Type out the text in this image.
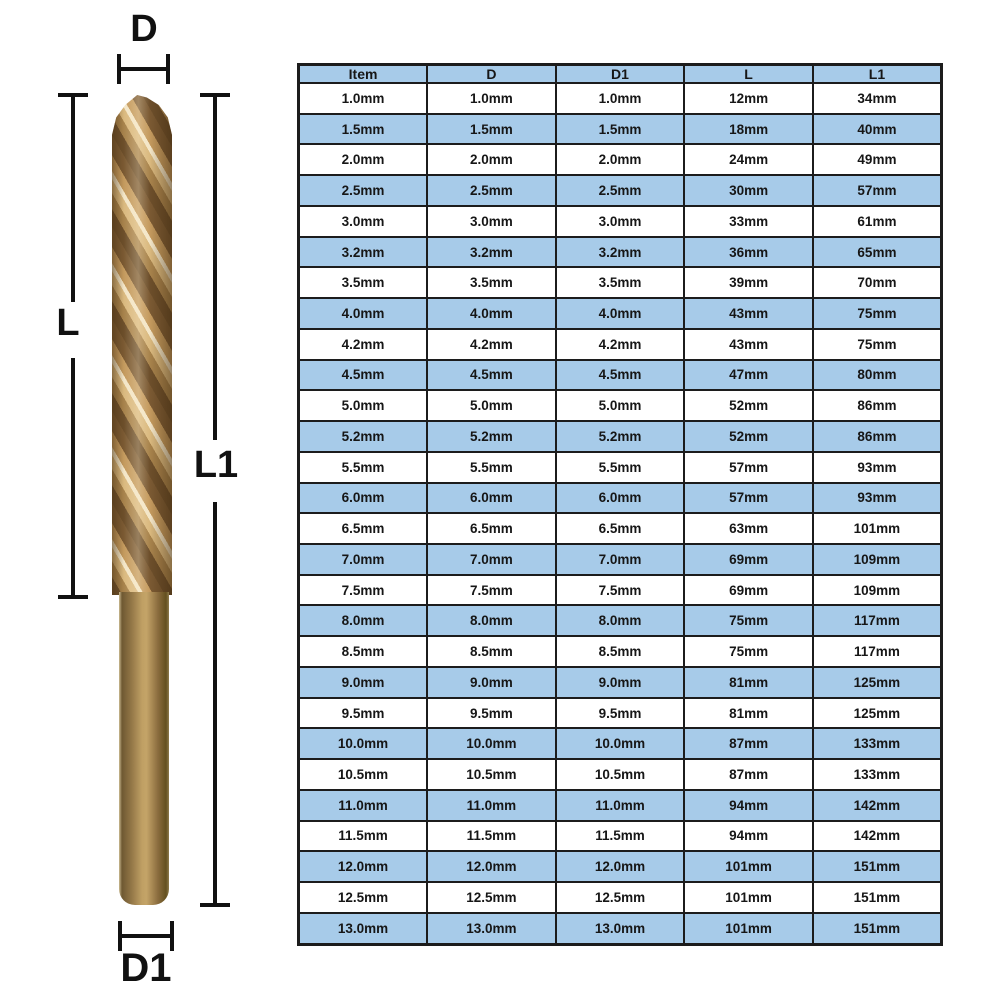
D
L
L1
D1
Item	D	D1	L	L1
1.0mm	1.0mm	1.0mm	12mm	34mm
1.5mm	1.5mm	1.5mm	18mm	40mm
2.0mm	2.0mm	2.0mm	24mm	49mm
2.5mm	2.5mm	2.5mm	30mm	57mm
3.0mm	3.0mm	3.0mm	33mm	61mm
3.2mm	3.2mm	3.2mm	36mm	65mm
3.5mm	3.5mm	3.5mm	39mm	70mm
4.0mm	4.0mm	4.0mm	43mm	75mm
4.2mm	4.2mm	4.2mm	43mm	75mm
4.5mm	4.5mm	4.5mm	47mm	80mm
5.0mm	5.0mm	5.0mm	52mm	86mm
5.2mm	5.2mm	5.2mm	52mm	86mm
5.5mm	5.5mm	5.5mm	57mm	93mm
6.0mm	6.0mm	6.0mm	57mm	93mm
6.5mm	6.5mm	6.5mm	63mm	101mm
7.0mm	7.0mm	7.0mm	69mm	109mm
7.5mm	7.5mm	7.5mm	69mm	109mm
8.0mm	8.0mm	8.0mm	75mm	117mm
8.5mm	8.5mm	8.5mm	75mm	117mm
9.0mm	9.0mm	9.0mm	81mm	125mm
9.5mm	9.5mm	9.5mm	81mm	125mm
10.0mm	10.0mm	10.0mm	87mm	133mm
10.5mm	10.5mm	10.5mm	87mm	133mm
11.0mm	11.0mm	11.0mm	94mm	142mm
11.5mm	11.5mm	11.5mm	94mm	142mm
12.0mm	12.0mm	12.0mm	101mm	151mm
12.5mm	12.5mm	12.5mm	101mm	151mm
13.0mm	13.0mm	13.0mm	101mm	151mm
